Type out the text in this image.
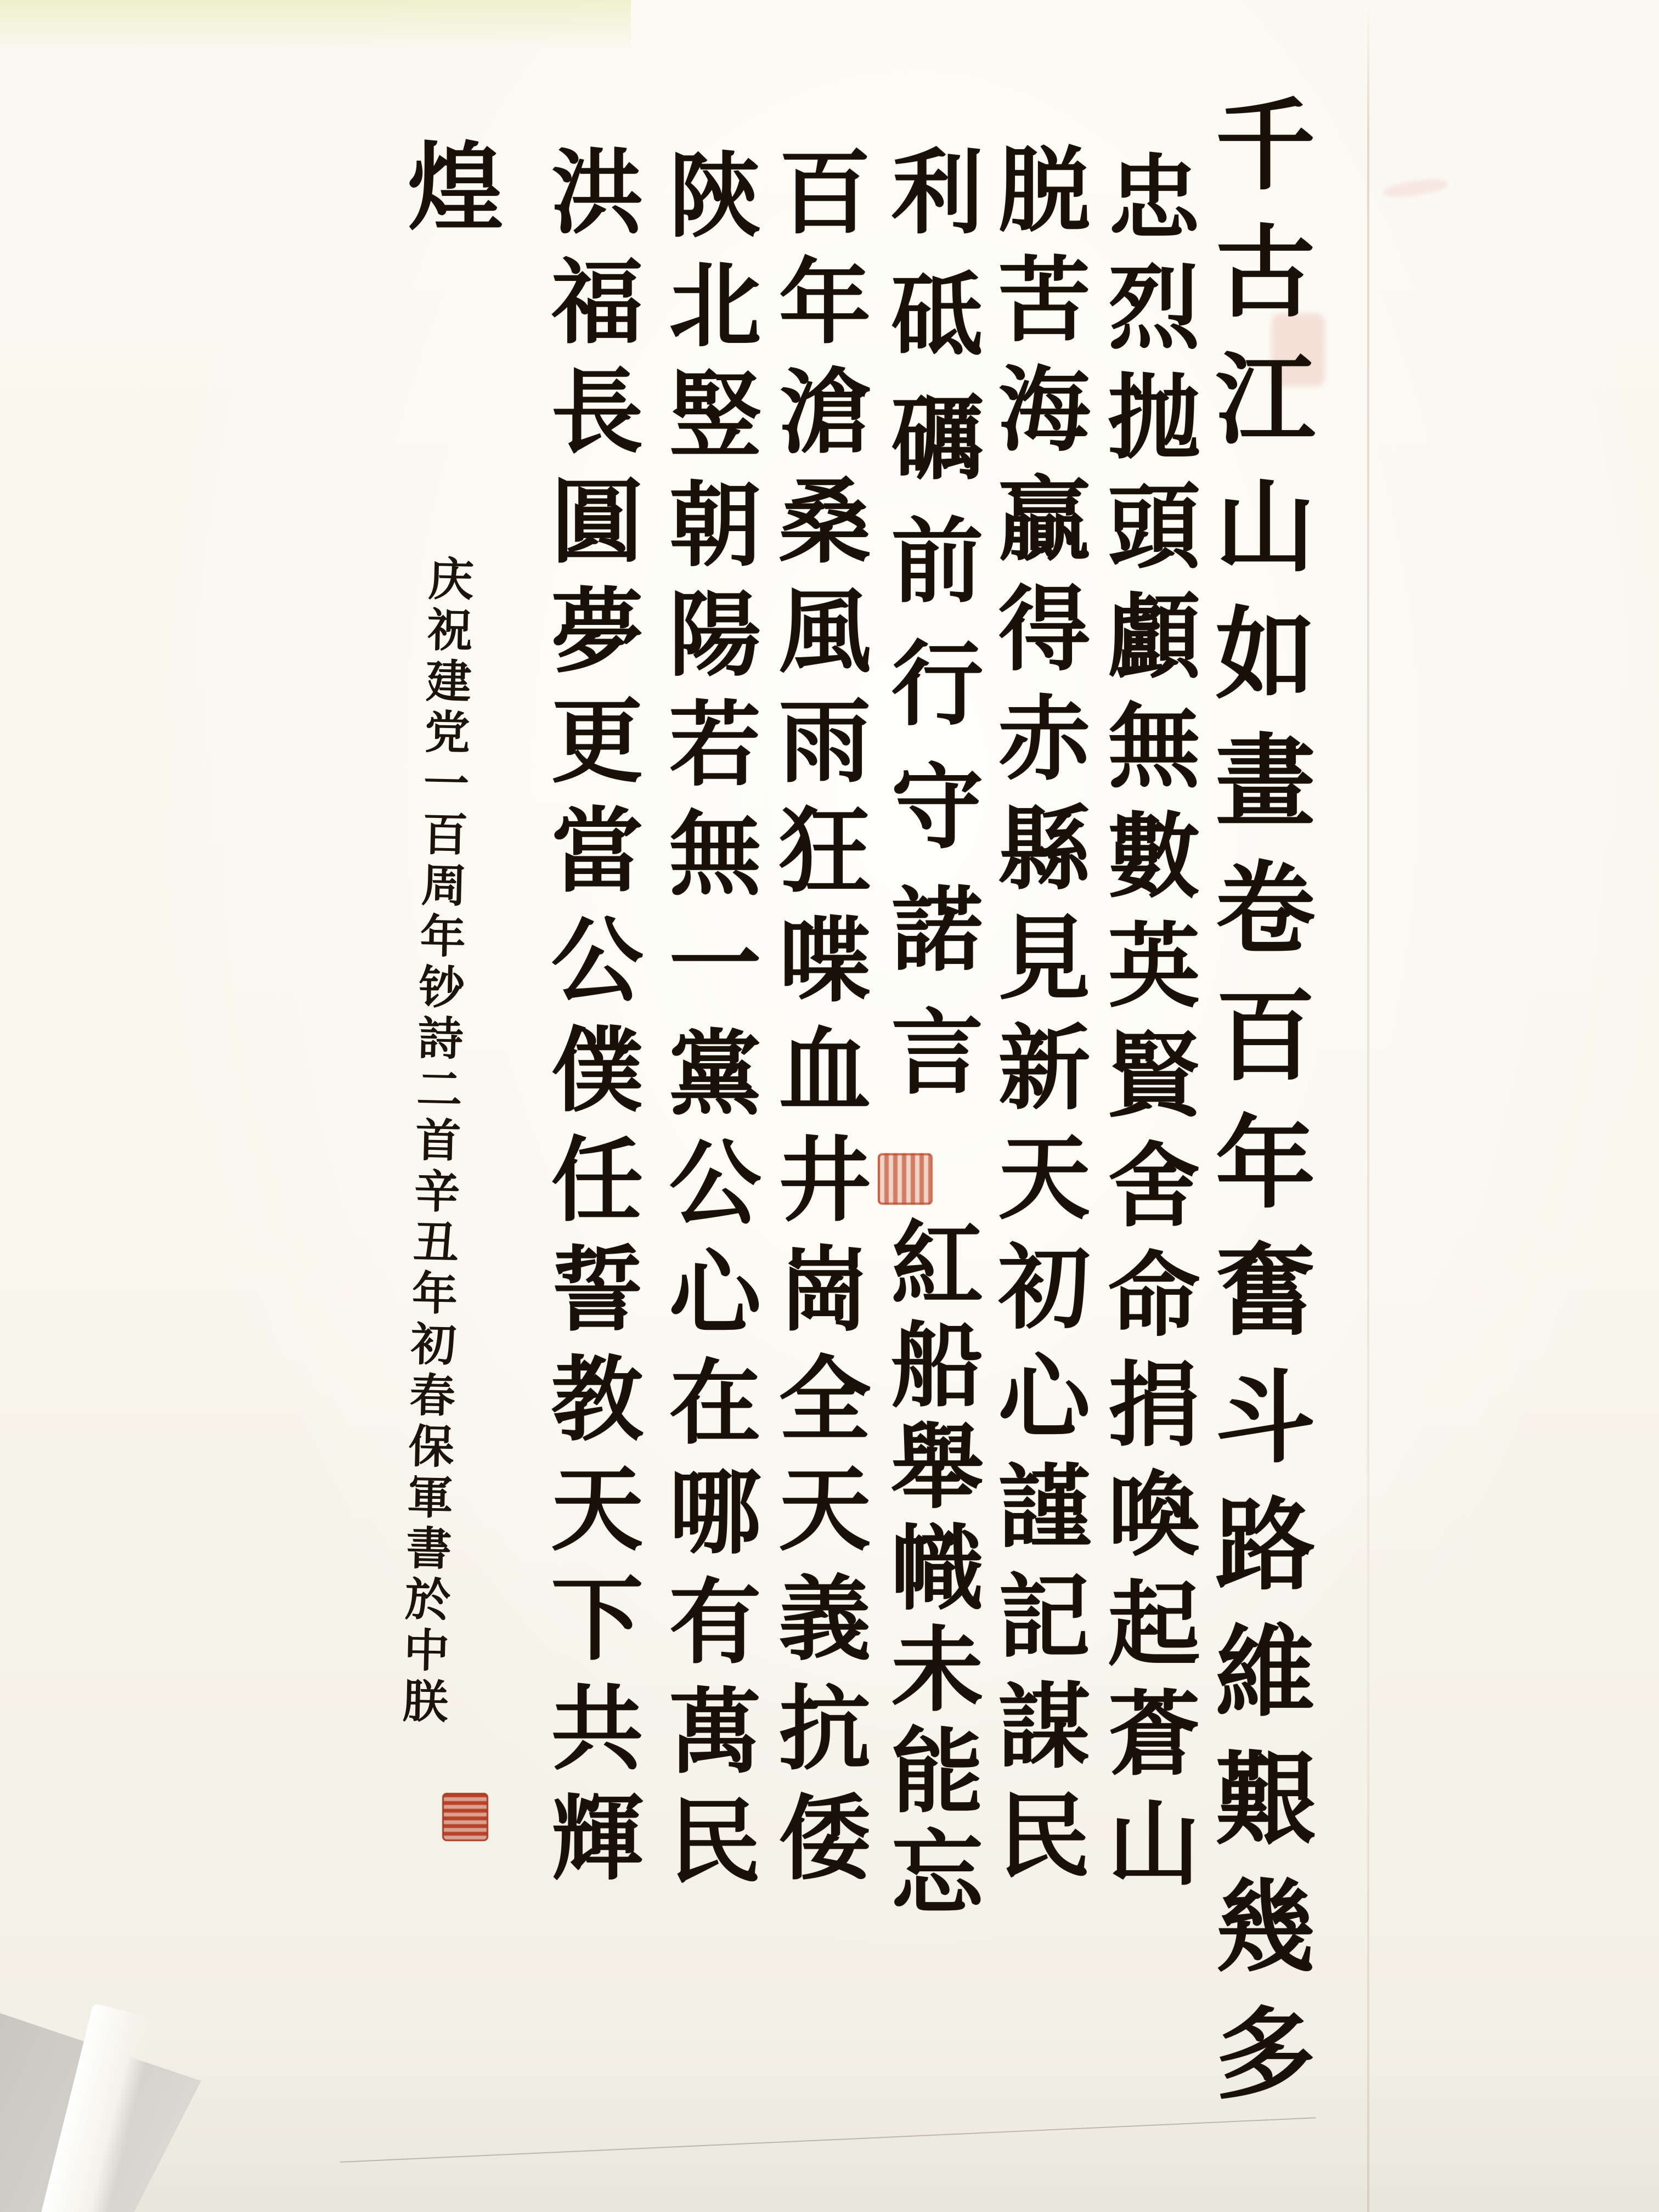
千古江山如畫卷百年奮斗路維艱幾多
忠烈抛頭顱無數英賢舍命捐喚起蒼山
脱苦海贏得赤縣見新天初心謹記謀民
利砥礪前行守諾言
紅船舉幟未能忘
百年滄桑風雨狂喋血井崗全天義抗倭
陝北竪朝陽若無一黨公心在哪有萬民
洪福長圓夢更當公僕任誓教天下共輝
煌
庆祝建党一百周年钞詩二首辛丑年初春保軍書於中朕
